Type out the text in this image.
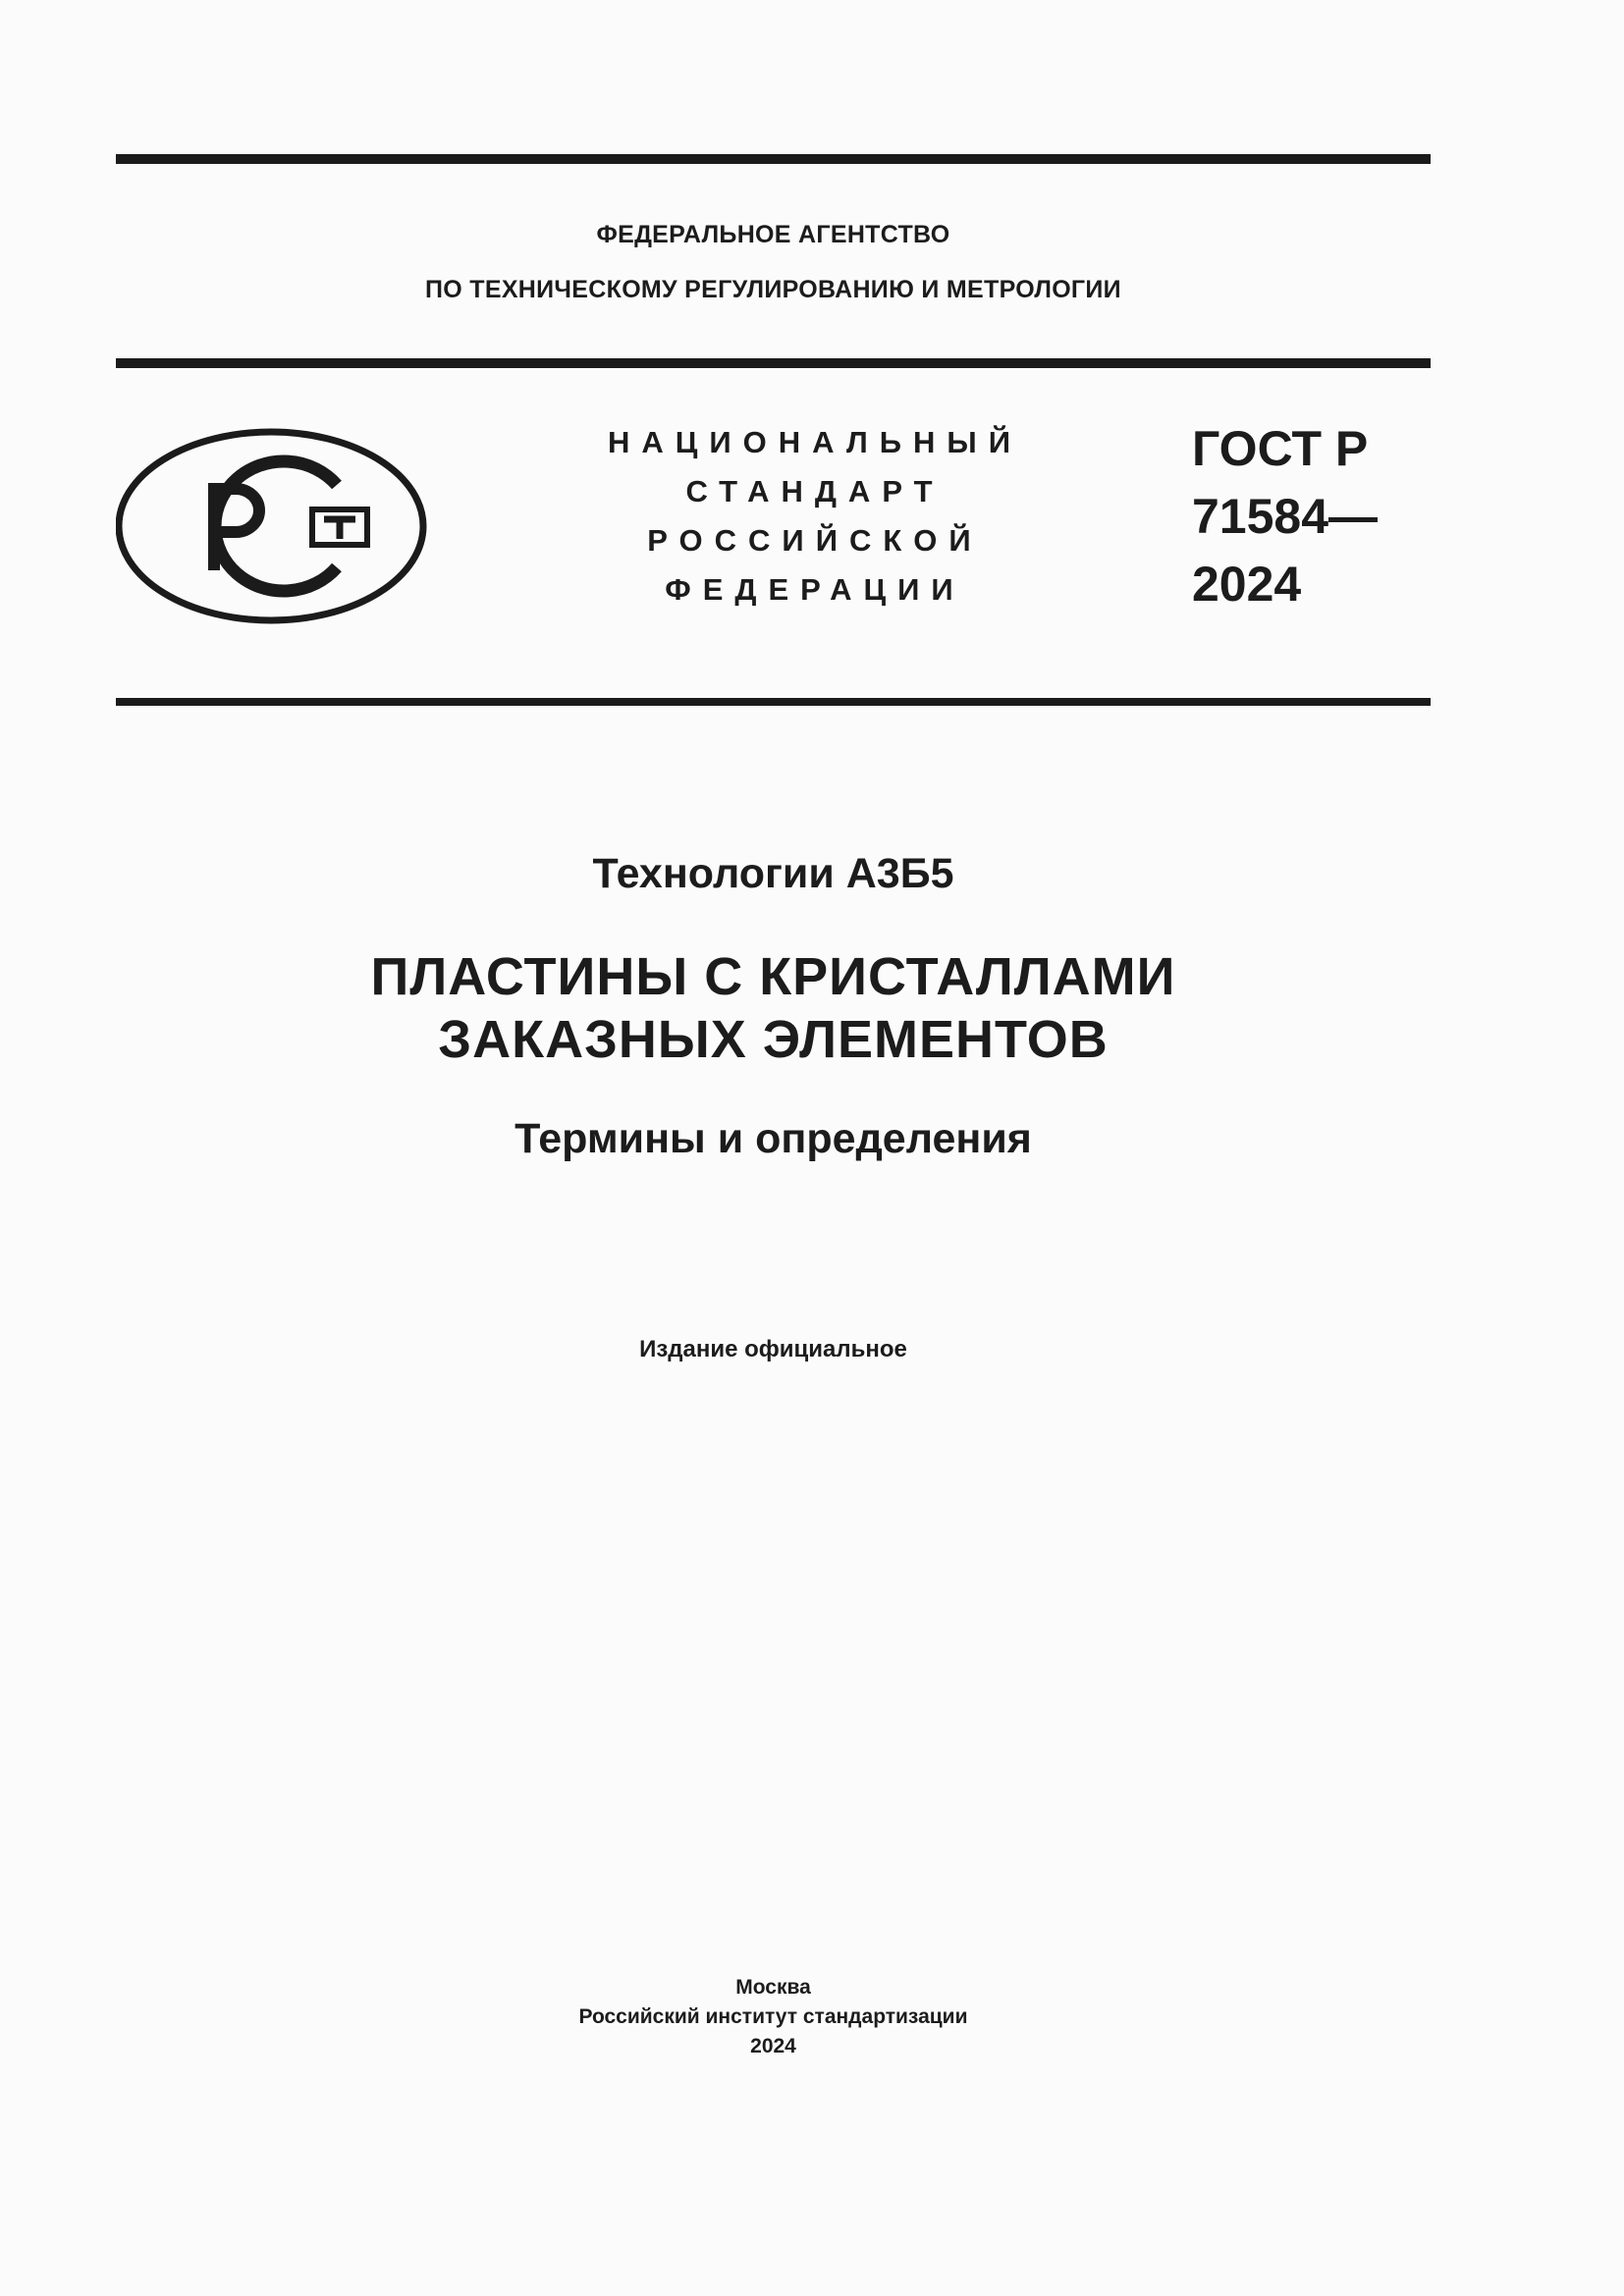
ФЕДЕРАЛЬНОЕ АГЕНТСТВО
ПО ТЕХНИЧЕСКОМУ РЕГУЛИРОВАНИЮ И МЕТРОЛОГИИ
НАЦИОНАЛЬНЫЙ
СТАНДАРТ
РОССИЙСКОЙ
ФЕДЕРАЦИИ
ГОСТ Р
71584—
2024
Технологии А3Б5
ПЛАСТИНЫ С КРИСТАЛЛАМИ
ЗАКАЗНЫХ ЭЛЕМЕНТОВ
Термины и определения
Издание официальное
Москва
Российский институт стандартизации
2024
